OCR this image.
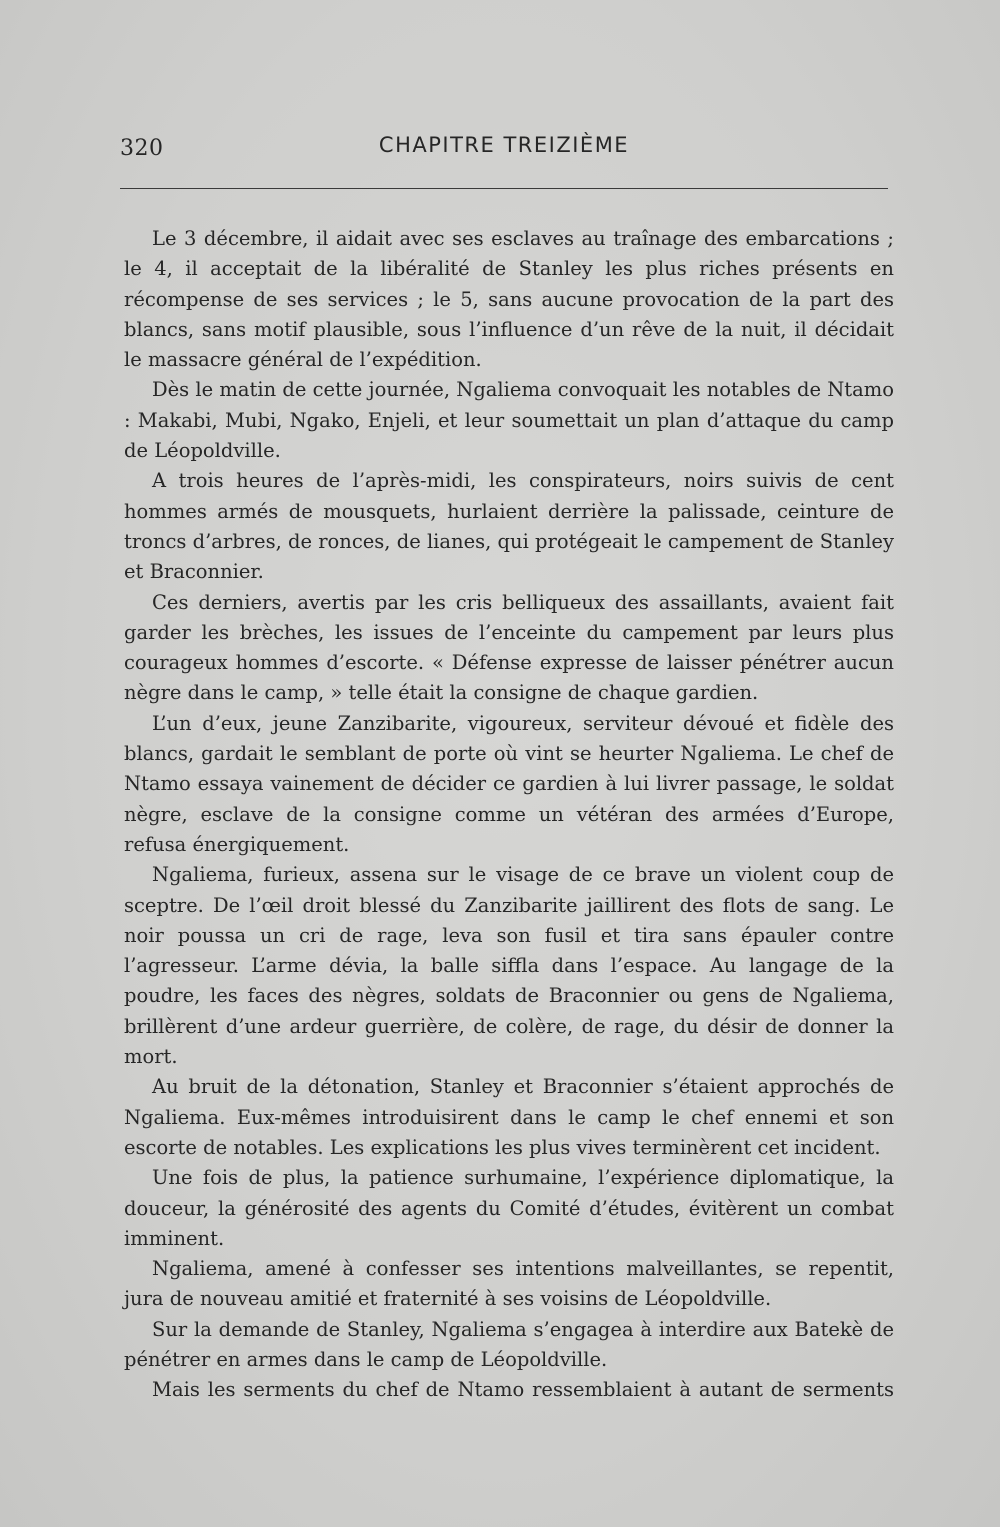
320	CHAPITRE TREIZIÈME

Le 3 décembre, il aidait avec ses esclaves au traînage des embarcations ; le 4, il acceptait de la libéralité de Stanley les plus riches présents en récompense de ses services ; le 5, sans aucune provocation de la part des blancs, sans motif plausible, sous l’influence d’un rêve de la nuit, il décidait le massacre général de l’expédition.

Dès le matin de cette journée, Ngaliema convoquait les notables de Ntamo : Makabi, Mubi, Ngako, Enjeli, et leur soumettait un plan d’attaque du camp de Léopoldville.

A trois heures de l’après-midi, les conspirateurs, noirs suivis de cent hommes armés de mousquets, hurlaient derrière la palissade, ceinture de troncs d’arbres, de ronces, de lianes, qui protégeait le campement de Stanley et Braconnier.

Ces derniers, avertis par les cris belliqueux des assaillants, avaient fait garder les brèches, les issues de l’enceinte du campement par leurs plus courageux hommes d’escorte. « Défense expresse de laisser pénétrer aucun nègre dans le camp, » telle était la consigne de chaque gardien.

L’un d’eux, jeune Zanzibarite, vigoureux, serviteur dévoué et fidèle des blancs, gardait le semblant de porte où vint se heurter Ngaliema. Le chef de Ntamo essaya vainement de décider ce gardien à lui livrer passage, le soldat nègre, esclave de la consigne comme un vétéran des armées d’Europe, refusa énergiquement.

Ngaliema, furieux, assena sur le visage de ce brave un violent coup de sceptre. De l’œil droit blessé du Zanzibarite jaillirent des flots de sang. Le noir poussa un cri de rage, leva son fusil et tira sans épauler contre l’agresseur. L’arme dévia, la balle siffla dans l’espace. Au langage de la poudre, les faces des nègres, soldats de Braconnier ou gens de Ngaliema, brillèrent d’une ardeur guerrière, de colère, de rage, du désir de donner la mort.

Au bruit de la détonation, Stanley et Braconnier s’étaient approchés de Ngaliema. Eux-mêmes introduisirent dans le camp le chef ennemi et son escorte de notables. Les explications les plus vives terminèrent cet incident.

Une fois de plus, la patience surhumaine, l’expérience diplomatique, la douceur, la générosité des agents du Comité d’études, évitèrent un combat imminent.

Ngaliema, amené à confesser ses intentions malveillantes, se repentit, jura de nouveau amitié et fraternité à ses voisins de Léopoldville.

Sur la demande de Stanley, Ngaliema s’engagea à interdire aux Batekè de pénétrer en armes dans le camp de Léopoldville.

Mais les serments du chef de Ntamo ressemblaient à autant de serments
